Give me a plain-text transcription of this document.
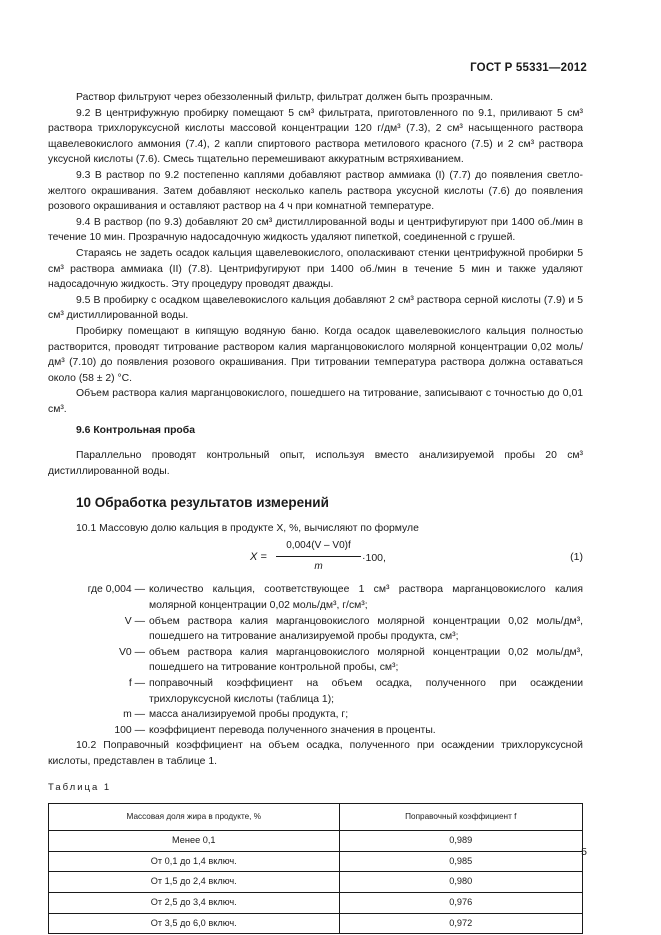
ГОСТ Р 55331—2012

Раствор фильтруют через обеззоленный фильтр, фильтрат должен быть прозрачным.

9.2 В центрифужную пробирку помещают 5 см³ фильтрата, приготовленного по 9.1, приливают 5 см³ раствора трихлоруксусной кислоты массовой концентрации 120 г/дм³ (7.3), 2 см³ насыщенного раствора щавелевокислого аммония (7.4), 2 капли спиртового раствора метилового красного (7.5) и 2 см³ раствора уксусной кислоты (7.6). Смесь тщательно перемешивают аккуратным встряхиванием.

9.3 В раствор по 9.2 постепенно каплями добавляют раствор аммиака (I) (7.7) до появления светло-желтого окрашивания. Затем добавляют несколько капель раствора уксусной кислоты (7.6) до появления розового окрашивания и оставляют раствор на 4 ч при комнатной температуре.

9.4 В раствор (по 9.3) добавляют 20 см³ дистиллированной воды и центрифугируют при 1400 об./мин в течение 10 мин. Прозрачную надосадочную жидкость удаляют пипеткой, соединенной с грушей.

Стараясь не задеть осадок кальция щавелевокислого, ополаскивают стенки центрифужной пробирки 5 см³ раствора аммиака (II) (7.8). Центрифугируют при 1400 об./мин в течение 5 мин и также удаляют надосадочную жидкость. Эту процедуру проводят дважды.

9.5 В пробирку с осадком щавелевокислого кальция добавляют 2 см³ раствора серной кислоты (7.9) и 5 см³ дистиллированной воды.

Пробирку помещают в кипящую водяную баню. Когда осадок щавелевокислого кальция полностью растворится, проводят титрование раствором калия марганцовокислого молярной концентрации 0,02 моль/дм³ (7.10) до появления розового окрашивания. При титровании температура раствора должна оставаться около (58 ± 2) °С.

Объем раствора калия марганцовокислого, пошедшего на титрование, записывают с точностью до 0,01 см³.

9.6 Контрольная проба

Параллельно проводят контрольный опыт, используя вместо анализируемой пробы 20 см³ дистиллированной воды.

10 Обработка результатов измерений

10.1 Массовую долю кальция в продукте X, %, вычисляют по формуле

$X = \frac{0,004(V - V0)f}{m} \cdot 100$,	(1)
где 0,004 — количество кальция, соответствующее 1 см³ раствора марганцовокислого калия молярной концентрации 0,02 моль/дм³, г/см³;
V — объем раствора калия марганцовокислого молярной концентрации 0,02 моль/дм³, пошедшего на титрование анализируемой пробы продукта, см³;
V0 — объем раствора калия марганцовокислого молярной концентрации 0,02 моль/дм³, пошедшего на титрование контрольной пробы, см³;
f — поправочный коэффициент на объем осадка, полученного при осаждении трихлоруксусной кислоты (таблица 1);
m — масса анализируемой пробы продукта, г;
100 — коэффициент перевода полученного значения в проценты.

10.2 Поправочный коэффициент на объем осадка, полученного при осаждении трихлоруксусной кислоты, представлен в таблице 1.

Таблица 1
Массовая доля жира в продукте, %	Поправочный коэффициент f
Менее 0,1	0,989
От 0,1 до 1,4 включ.	0,985
От 1,5 до 2,4 включ.	0,980
От 2,5 до 3,4 включ.	0,976
От 3,5 до 6,0 включ.	0,972
5
